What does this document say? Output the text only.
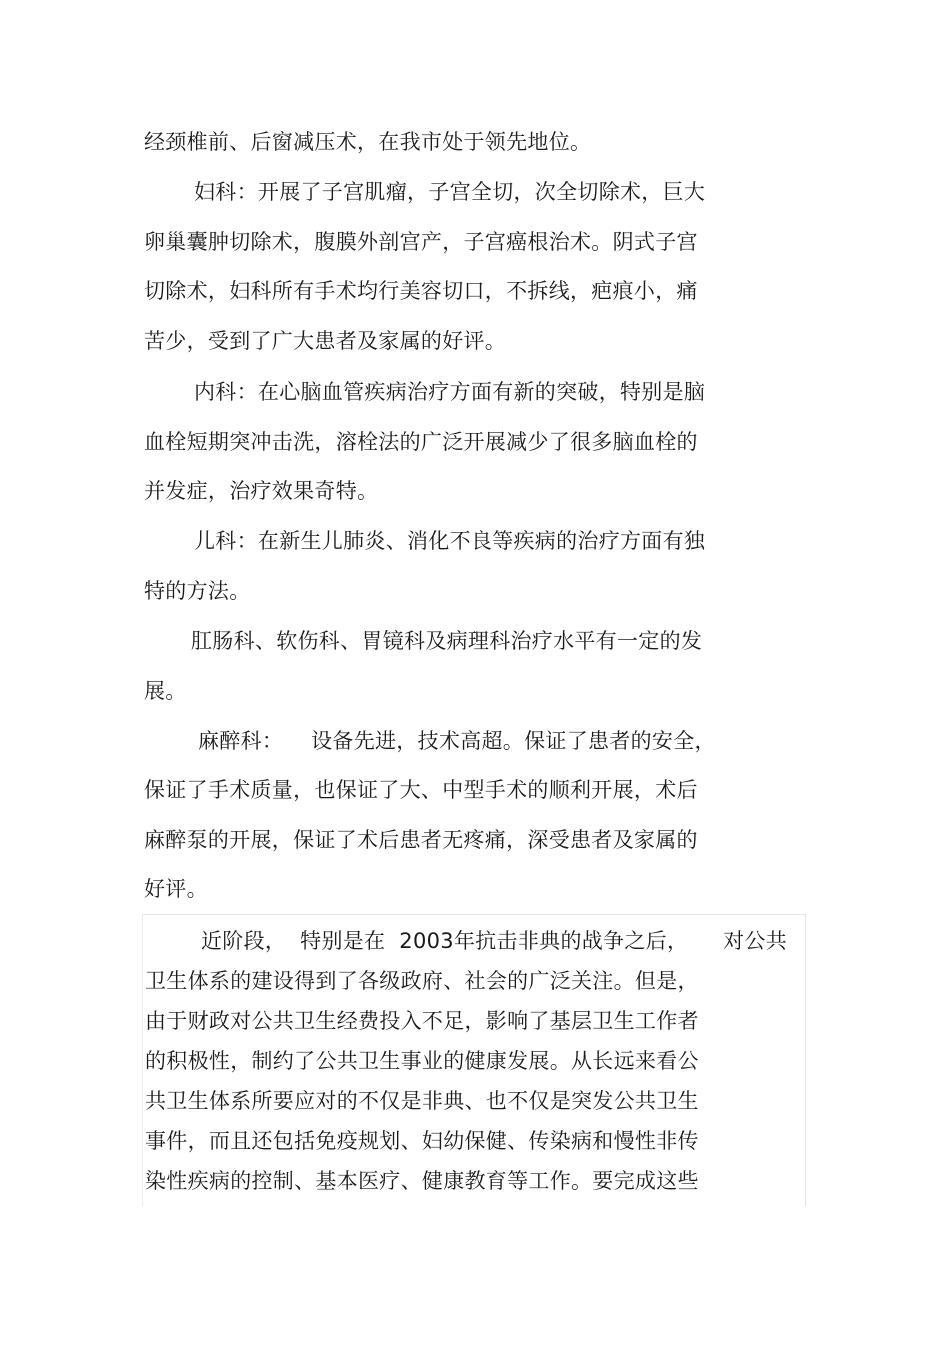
经颈椎前、后窗减压术，在我市处于领先地位。
妇科：开展了子宫肌瘤，子宫全切，次全切除术，巨大
卵巢囊肿切除术，腹膜外剖宫产，子宫癌根治术。阴式子宫
切除术，妇科所有手术均行美容切口，不拆线，疤痕小，痛
苦少，受到了广大患者及家属的好评。
内科：在心脑血管疾病治疗方面有新的突破，特别是脑
血栓短期突冲击洗，溶栓法的广泛开展减少了很多脑血栓的
并发症，治疗效果奇特。
儿科：在新生儿肺炎、消化不良等疾病的治疗方面有独
特的方法。
肛肠科、软伤科、胃镜科及病理科治疗水平有一定的发
展。
麻醉科：    设备先进，技术高超。保证了患者的安全，
保证了手术质量，也保证了大、中型手术的顺利开展，术后
麻醉泵的开展，保证了术后患者无疼痛，深受患者及家属的
好评。
近阶段，  特别是在  2003年抗击非典的战争之后，     对公共
卫生体系的建设得到了各级政府、社会的广泛关注。但是，
由于财政对公共卫生经费投入不足，影响了基层卫生工作者
的积极性，制约了公共卫生事业的健康发展。从长远来看公
共卫生体系所要应对的不仅是非典、也不仅是突发公共卫生
事件，而且还包括免疫规划、妇幼保健、传染病和慢性非传
染性疾病的控制、基本医疗、健康教育等工作。要完成这些
